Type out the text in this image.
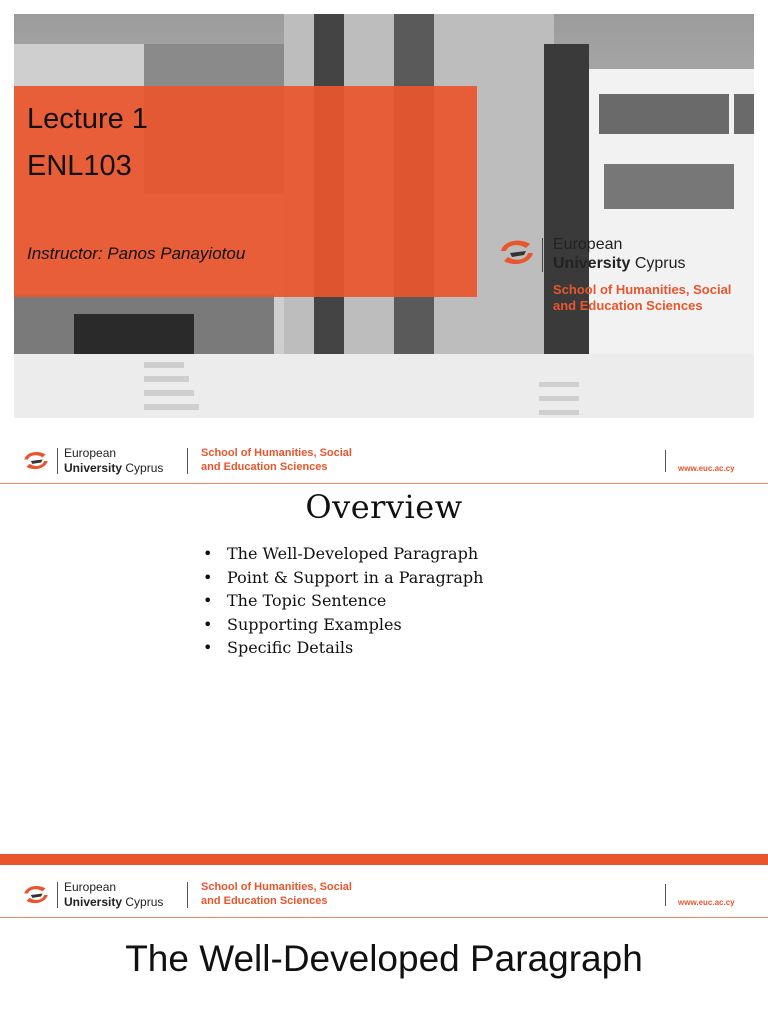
Lecture 1
ENL103
Instructor: Panos Panayiotou	European
University Cyprus
School of Humanities, Social
and Education Sciences
European
University Cyprus
School of Humanities, Social
and Education Sciences	www.euc.ac.cy
Overview
• The Well-Developed Paragraph
• Point & Support in a Paragraph
• The Topic Sentence
• Supporting Examples
• Specific Details
European
University Cyprus
School of Humanities, Social
and Education Sciences	www.euc.ac.cy
The Well-Developed Paragraph
